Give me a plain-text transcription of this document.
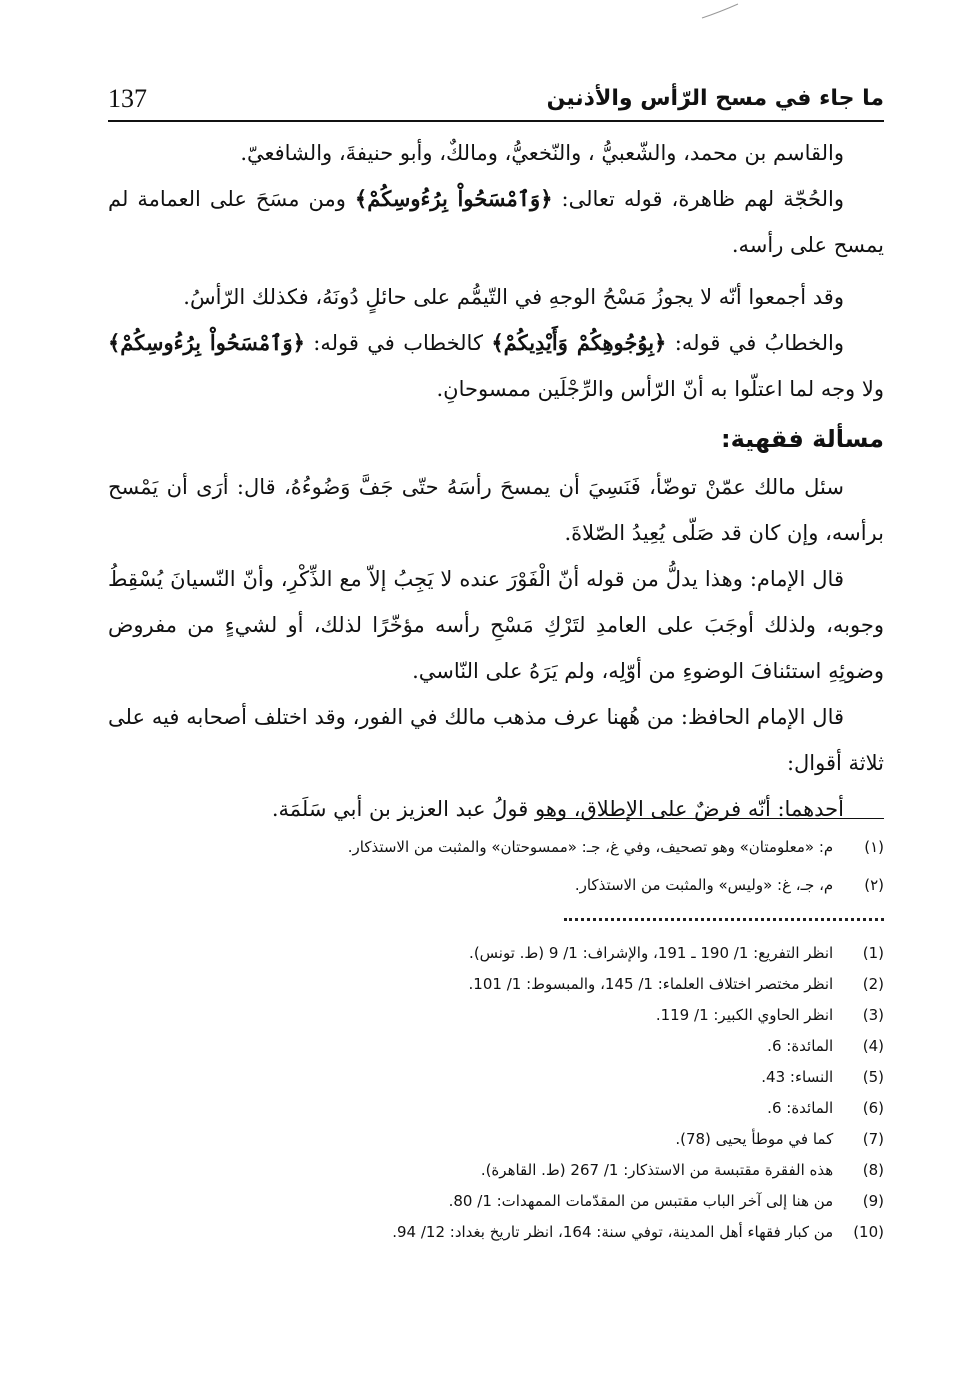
ما جاء في مسح الرّأس والأذنين
137

والقاسم بن محمد، والشّعبيُّ ، والنّخعيُّ، ومالكٌ، وأبو حنيفةَ، والشافعيّ.

والحُجّة لهم ظاهرة، قوله تعالى: ﴿وَٱمْسَحُواْ بِرُءُوسِكُمْ﴾ ومن مسَحَ على العمامة لم يمسح على رأسه.

وقد أجمعوا أنّه لا يجوزُ مَسْحُ الوجهِ في التّيمُّم على حائلٍ دُونَهُ، فكذلك الرّأسُ.

والخطابُ في قوله: ﴿بِوُجُوهِكُمْ وَأَيْدِيكُمْ﴾ كالخطاب في قوله: ﴿وَٱمْسَحُواْ بِرُءُوسِكُمْ﴾ ولا وجه لما اعتلّوا به أنّ الرّأس والرِّجْلَين ممسوحانِ.

مسألة فقهية:

سئل مالك عمّنْ توضّأ، فَنَسِيَ أن يمسحَ رأسَهُ حتّى جَفَّ وَضُوءُهُ، قال: أرَى أن يَمْسح برأسه، وإن كان قد صَلّى يُعِيدُ الصّلاةَ.

قال الإمام: وهذا يدلُّ من قوله أنّ الْفَوْرَ عنده لا يَجِبُ إلاّ مع الذِّكْرِ، وأنّ النّسيانَ يُسْقِطُ وجوبه، ولذلك أوجَبَ على العامدِ لتَرْكِ مَسْحِ رأسه مؤخّرًا لذلك، أو لشيءٍ من مفروض وضوئِهِ استئنافَ الوضوءِ من أوّلِه، ولم يَرَهُ على النّاسي.

قال الإمام الحافظ: من هُهنا عرف مذهب مالك في الفور، وقد اختلف أصحابه فيه على ثلاثة أقوال:

أحدهما: أنّه فرضٌ على الإطلاق، وهو قولُ عبد العزيز بن أبي سَلَمَة.

(١) م: «معلومتان» وهو تصحيف، وفي غ، جـ: «ممسوحتان» والمثبت من الاستذكار.
(٢) م، جـ، غ: «وليس» والمثبت من الاستذكار.
(1) انظر التفريع: 1/ 190 ـ 191، والإشراف: 1/ 9 (ط. تونس).
(2) انظر مختصر اختلاف العلماء: 1/ 145، والمبسوط: 1/ 101.
(3) انظر الحاوي الكبير: 1/ 119.
(4) المائدة: 6.
(5) النساء: 43.
(6) المائدة: 6.
(7) كما في موطأ يحيى (78).
(8) هذه الفقرة مقتبسة من الاستذكار: 1/ 267 (ط. القاهرة).
(9) من هنا إلى آخر الباب مقتبس من المقدّمات الممهدات: 1/ 80.
(10) من كبار فقهاء أهل المدينة، توفي سنة: 164، انظر تاريخ بغداد: 12/ 94.
